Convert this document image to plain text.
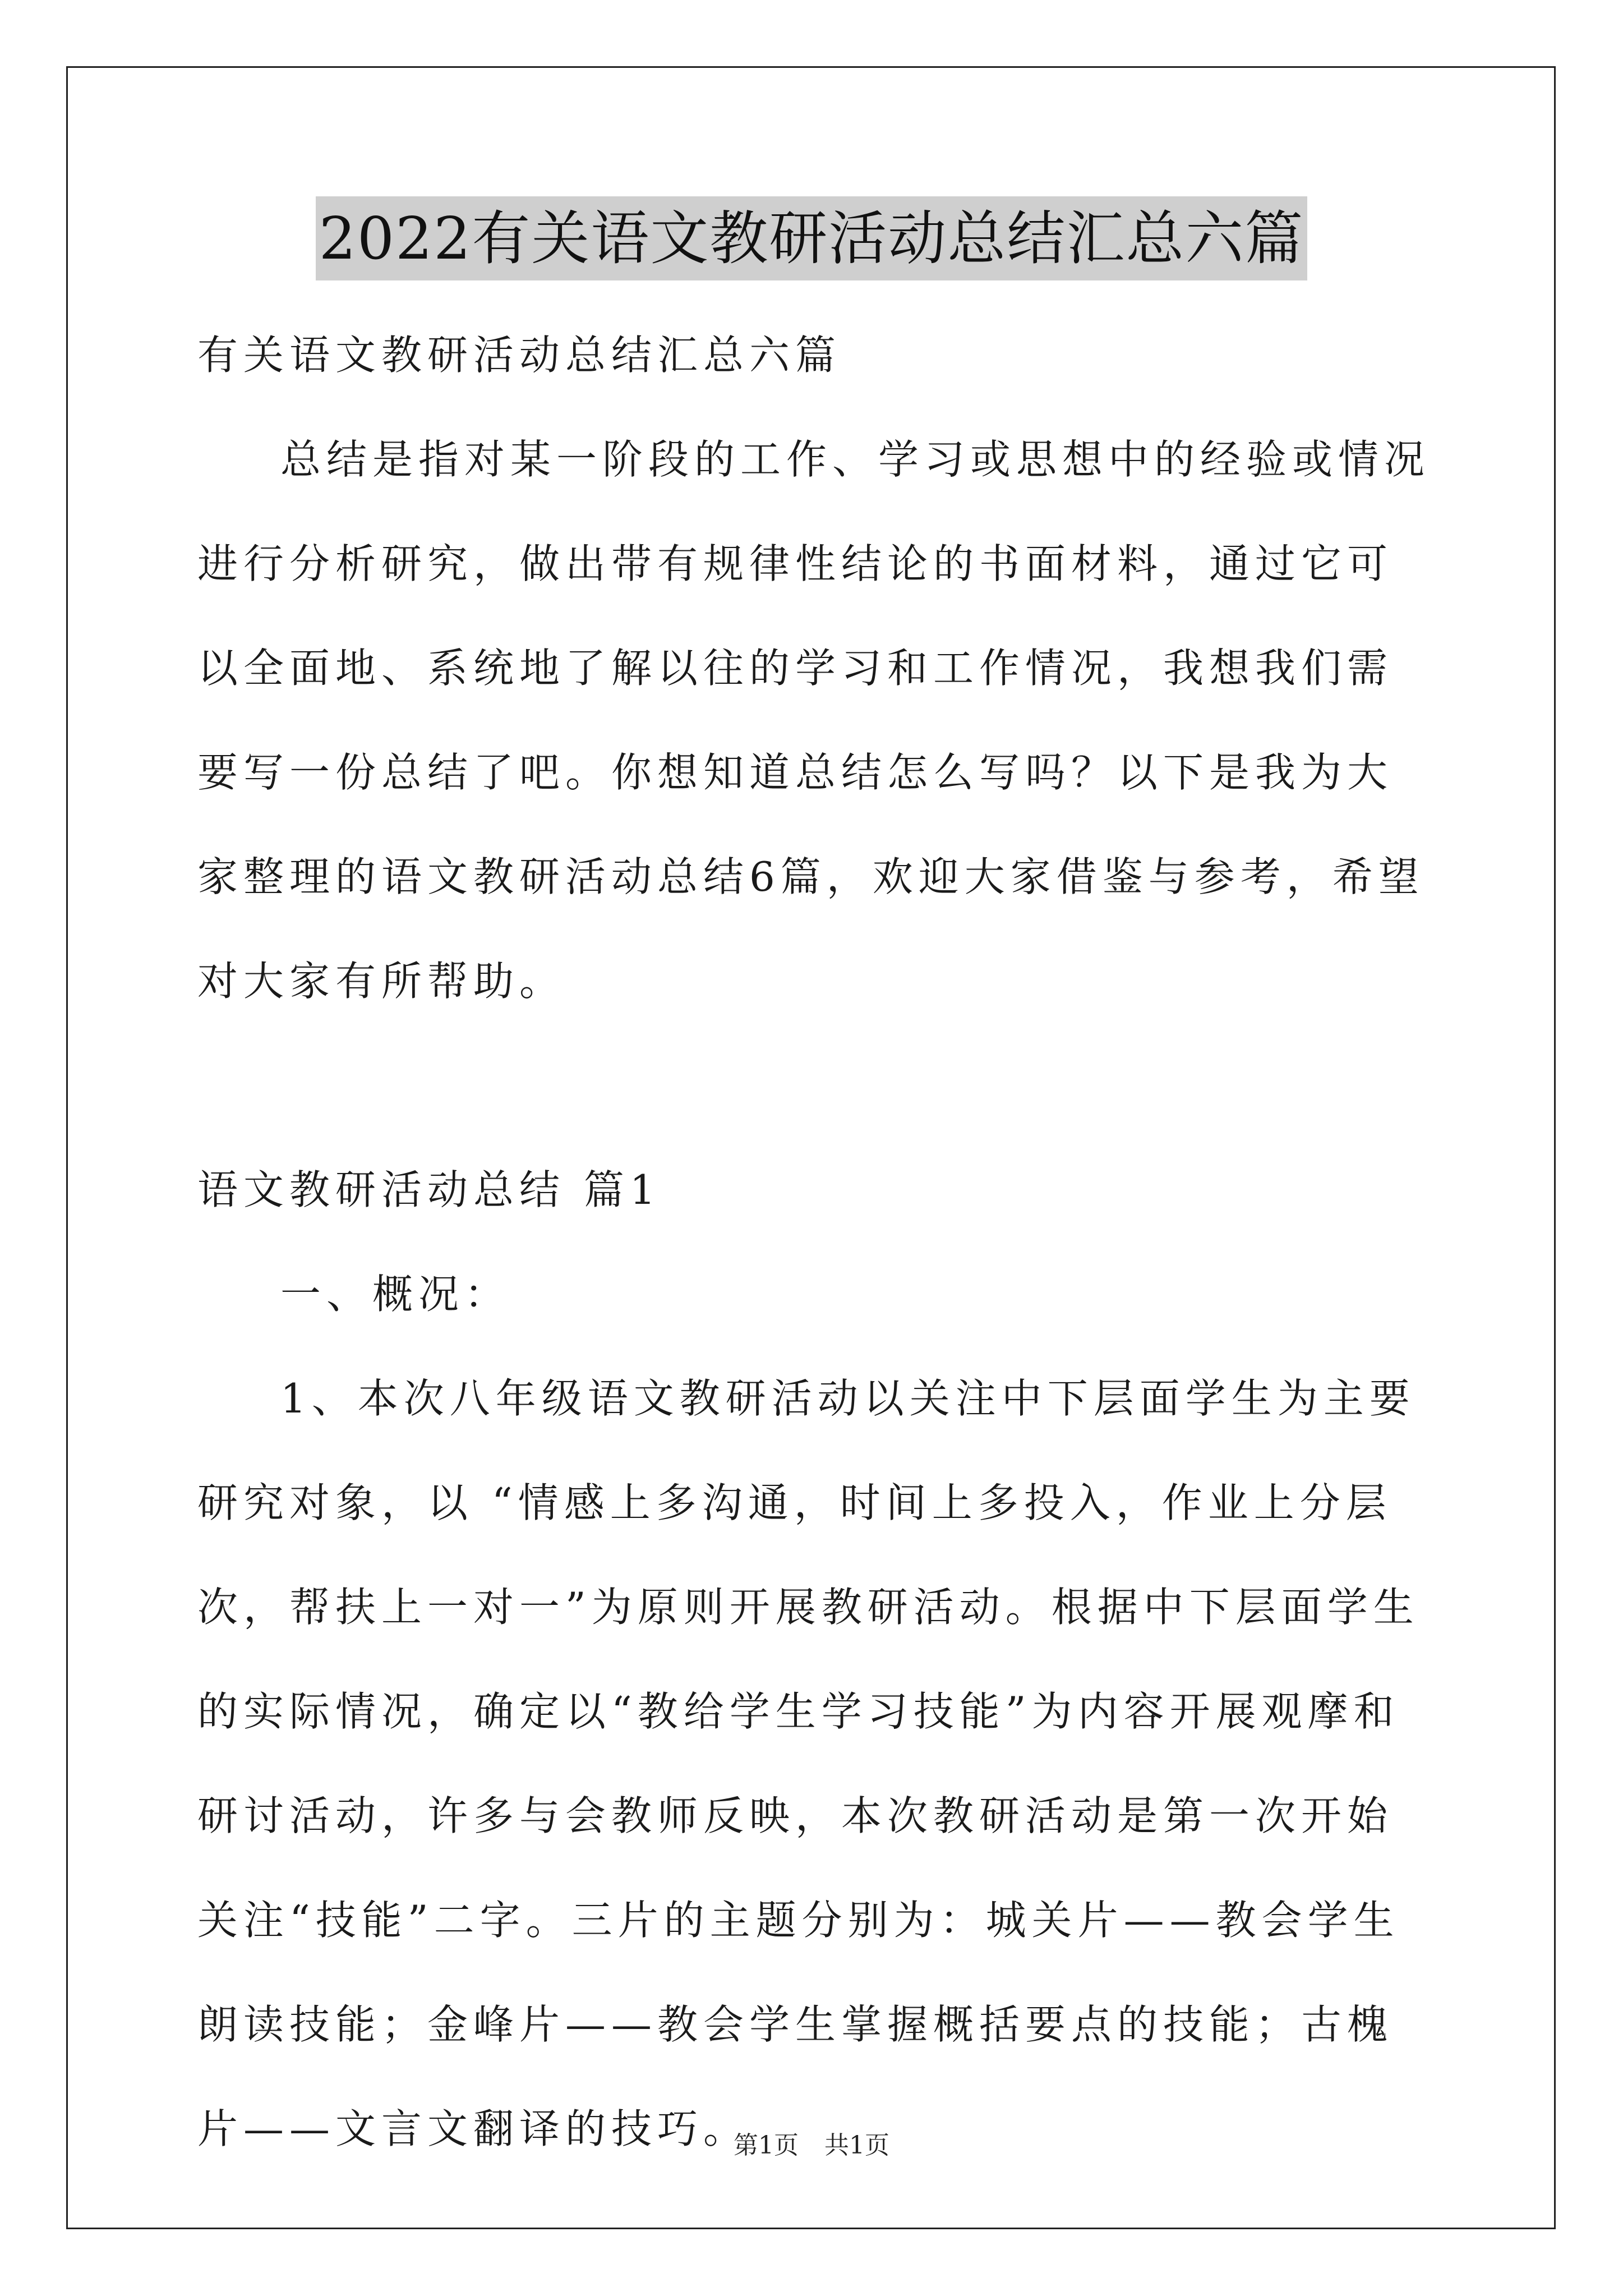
2022有关语文教研活动总结汇总六篇

有关语文教研活动总结汇总六篇

总结是指对某一阶段的工作、学习或思想中的经验或情况进行分析研究，做出带有规律性结论的书面材料，通过它可以全面地、系统地了解以往的学习和工作情况，我想我们需要写一份总结了吧。你想知道总结怎么写吗？以下是我为大家整理的语文教研活动总结6篇，欢迎大家借鉴与参考，希望对大家有所帮助。

语文教研活动总结 篇1

一、概况：

1、本次八年级语文教研活动以关注中下层面学生为主要研究对象，以 “情感上多沟通，时间上多投入，作业上分层次，帮扶上一对一”为原则开展教研活动。根据中下层面学生的实际情况，确定以“教给学生学习技能”为内容开展观摩和研讨活动，许多与会教师反映，本次教研活动是第一次开始关注“技能”二字。三片的主题分别为：城关片——教会学生朗读技能；金峰片——教会学生掌握概括要点的技能；古槐片——文言文翻译的技巧。

第1页 共1页
